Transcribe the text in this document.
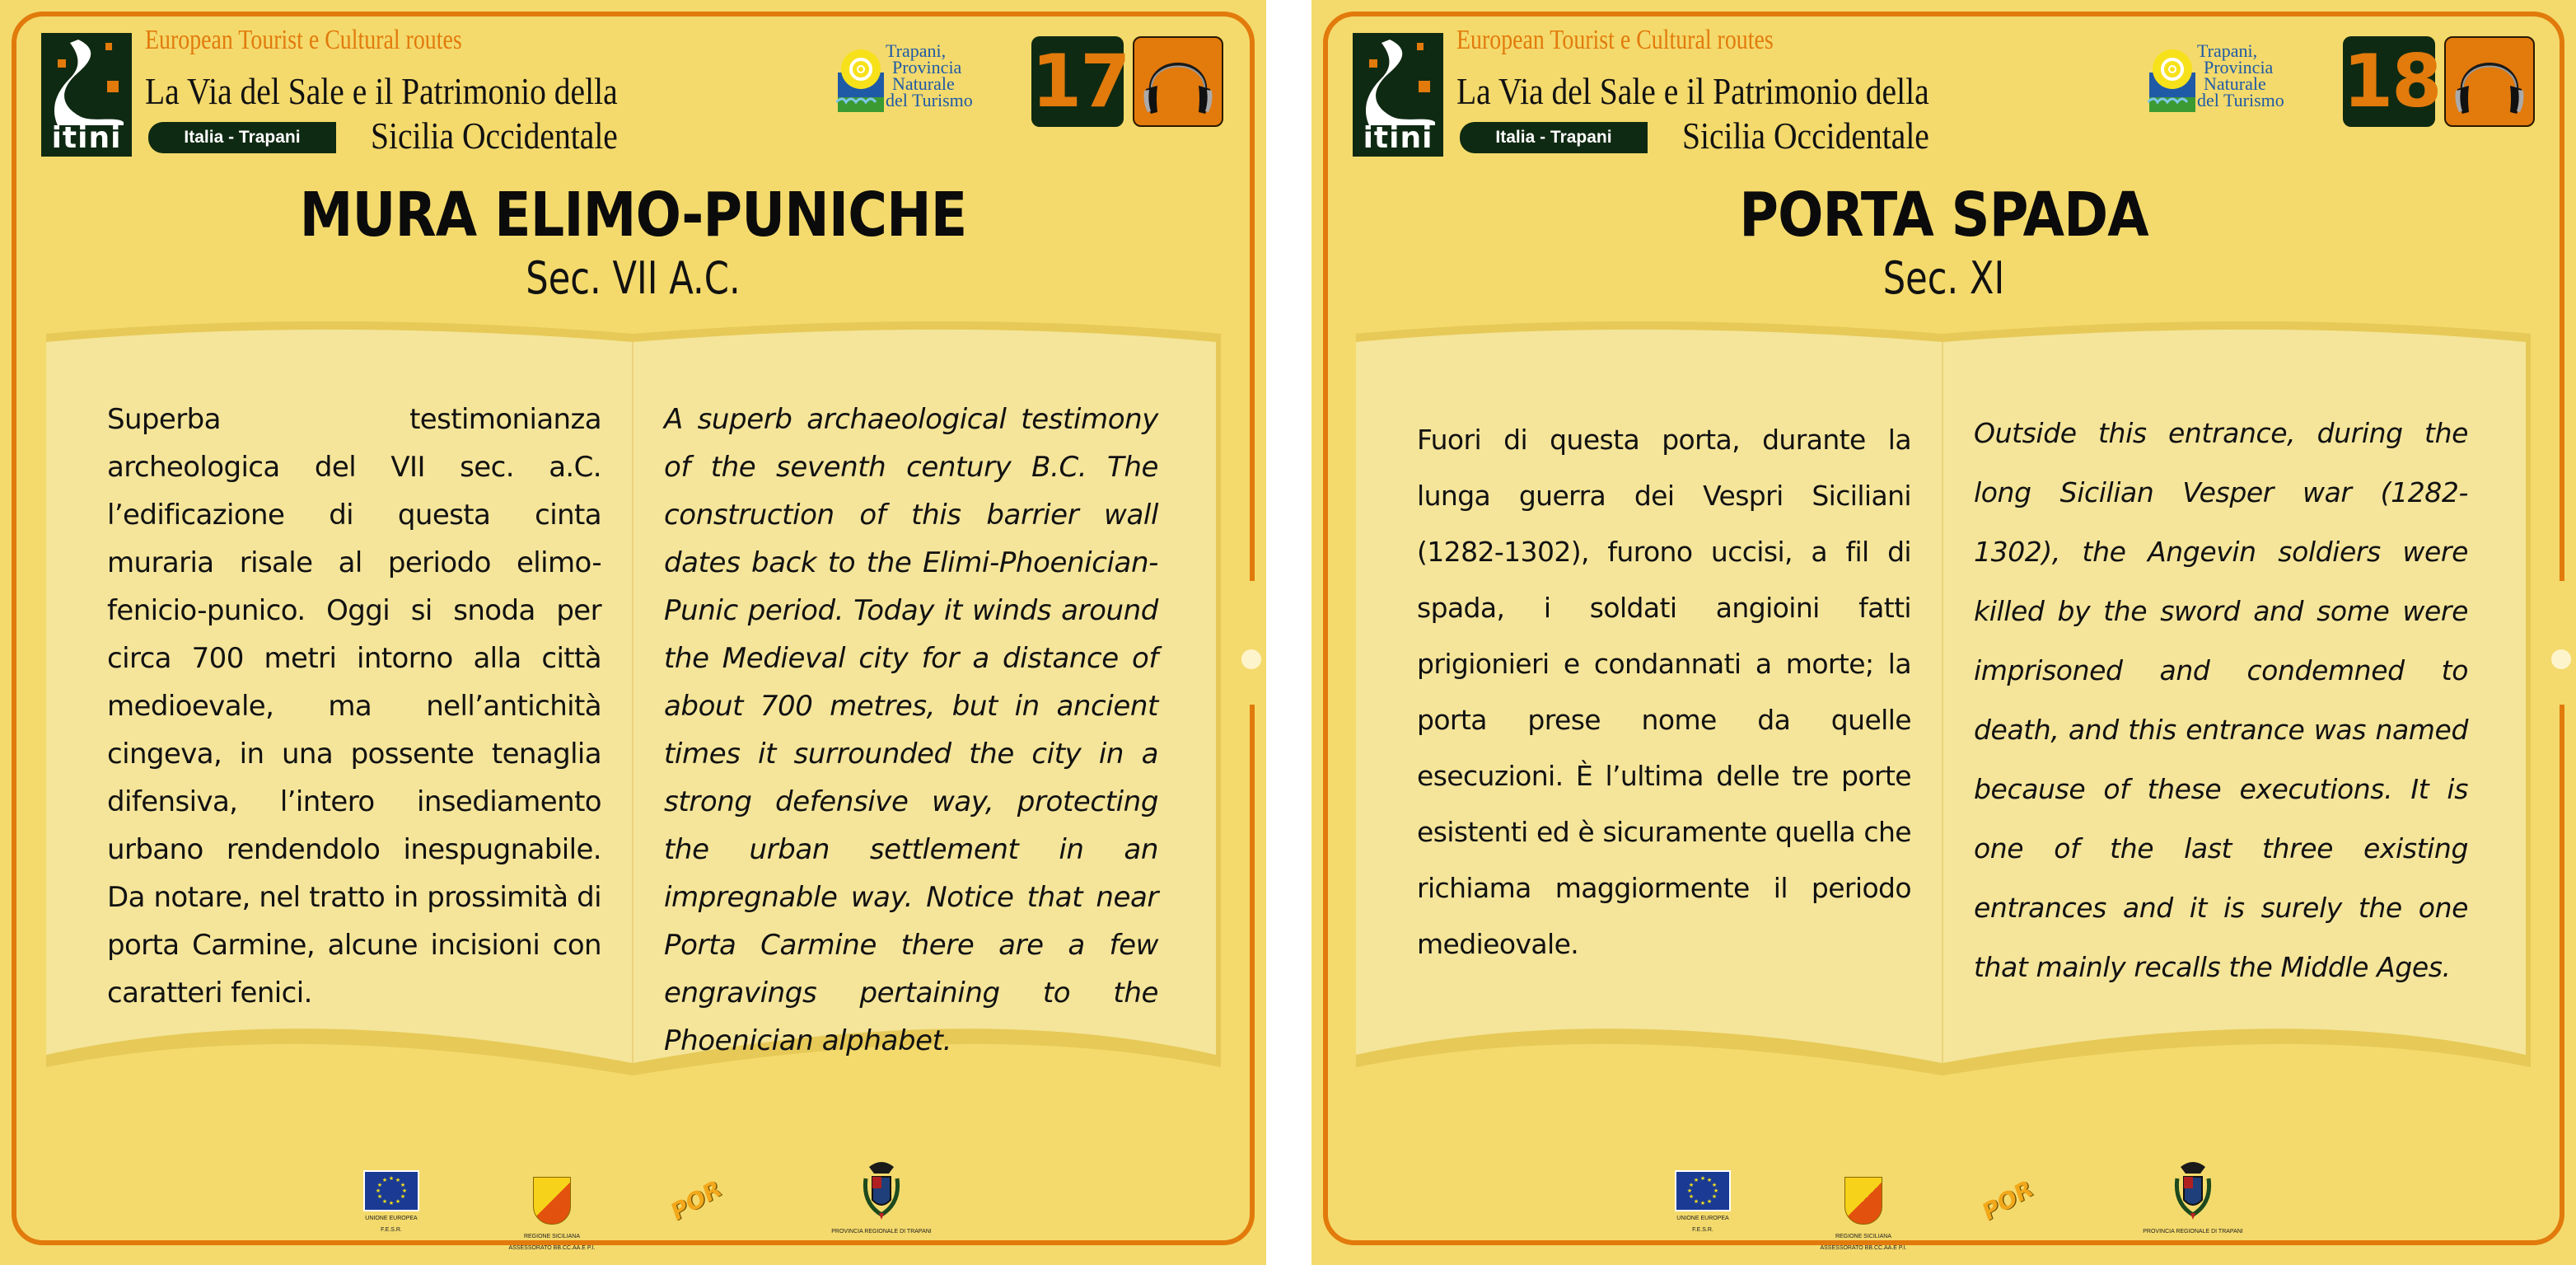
itini
European Tourist e Cultural routes
La Via del Sale e il Patrimonio della
Italia - Trapani	Sicilia Occidentale
Trapani,
Provincia
Naturale
del Turismo 17
MURA ELIMO-PUNICHE
Sec. VII A.C.
Superba testimonianza archeologica del VII sec. a.C. l’edificazione di questa cinta muraria risale al periodo elimo-fenicio-punico. Oggi si snoda per circa 700 metri intorno alla città medioevale, ma nell’antichità cingeva, in una possente tenaglia difensiva, l’intero insediamento urbano rendendolo inespugnabile. Da notare, nel tratto in prossimità di porta Carmine, alcune incisioni con caratteri fenici.
A superb archaeological testimony of the seventh century B.C. The construction of this barrier wall dates back to the Elimi-Phoenician-Punic period. Today it winds around the Medieval city for a distance of about 700 metres, but in ancient times it surrounded the city in a strong defensive way, protecting the urban settlement in an impregnable way. Notice that near Porta Carmine there are a few engravings pertaining to the Phoenician alphabet.
★ ★
★
★
★
★
★
★
★
★
★
★
UNIONE EUROPEA
F.E.S.R.
REGIONE SICILIANA
ASSESSORATO BB.CC.AA.E P.I.
POR
PROVINCIA REGIONALE DI TRAPANI
itini
European Tourist e Cultural routes
La Via del Sale e il Patrimonio della
Italia - Trapani	Sicilia Occidentale
Trapani,
Provincia
Naturale
del Turismo 18
PORTA SPADA
Sec. XI
Fuori di questa porta, durante la lunga guerra dei Vespri Siciliani (1282-1302), furono uccisi, a fil di spada, i soldati angioini fatti prigionieri e condannati a morte; la porta prese nome da quelle esecuzioni. È l’ultima delle tre porte esistenti ed è sicuramente quella che richiama maggiormente il periodo medieovale.
Outside this entrance, during the long Sicilian Vesper war (1282-1302), the Angevin soldiers were killed by the sword and some were imprisoned and condemned to death, and this entrance was named because of these executions. It is one of the last three existing entrances and it is surely the one that mainly recalls the Middle Ages.
★ ★
★
★
★
★
★
★
★
★
★
★
UNIONE EUROPEA
F.E.S.R.
REGIONE SICILIANA
ASSESSORATO BB.CC.AA.E P.I.
POR
PROVINCIA REGIONALE DI TRAPANI
